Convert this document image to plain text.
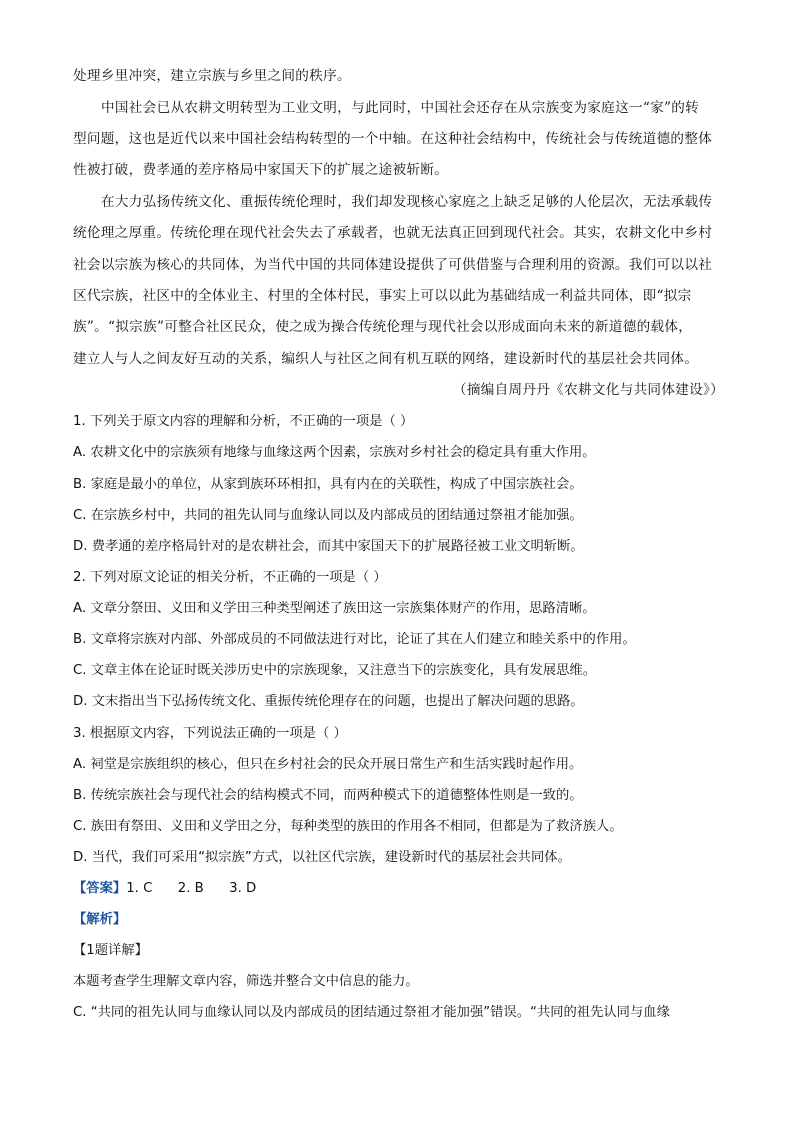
处理乡里冲突，建立宗族与乡里之间的秩序。
中国社会已从农耕文明转型为工业文明，与此同时，中国社会还存在从宗族变为家庭这一“家”的转
型问题，这也是近代以来中国社会结构转型的一个中轴。在这种社会结构中，传统社会与传统道德的整体
性被打破，费孝通的差序格局中家国天下的扩展之途被斩断。
在大力弘扬传统文化、重振传统伦理时，我们却发现核心家庭之上缺乏足够的人伦层次，无法承载传
统伦理之厚重。传统伦理在现代社会失去了承载者，也就无法真正回到现代社会。其实，农耕文化中乡村
社会以宗族为核心的共同体，为当代中国的共同体建设提供了可供借鉴与合理利用的资源。我们可以以社
区代宗族，社区中的全体业主、村里的全体村民，事实上可以以此为基础结成一利益共同体，即“拟宗
族”。“拟宗族”可整合社区民众，使之成为操合传统伦理与现代社会以形成面向未来的新道德的载体，
建立人与人之间友好互动的关系，编织人与社区之间有机互联的网络，建设新时代的基层社会共同体。
（摘编自周丹丹《农耕文化与共同体建设》）
1. 下列关于原文内容的理解和分析，不正确的一项是（ ）
A. 农耕文化中的宗族须有地缘与血缘这两个因素，宗族对乡村社会的稳定具有重大作用。
B. 家庭是最小的单位，从家到族环环相扣，具有内在的关联性，构成了中国宗族社会。
C. 在宗族乡村中，共同的祖先认同与血缘认同以及内部成员的团结通过祭祖才能加强。
D. 费孝通的差序格局针对的是农耕社会，而其中家国天下的扩展路径被工业文明斩断。
2. 下列对原文论证的相关分析，不正确的一项是（ ）
A. 文章分祭田、义田和义学田三种类型阐述了族田这一宗族集体财产的作用，思路清晰。
B. 文章将宗族对内部、外部成员的不同做法进行对比，论证了其在人们建立和睦关系中的作用。
C. 文章主体在论证时既关涉历史中的宗族现象，又注意当下的宗族变化，具有发展思维。
D. 文末指出当下弘扬传统文化、重振传统伦理存在的问题，也提出了解决问题的思路。
3. 根据原文内容，下列说法正确的一项是（ ）
A. 祠堂是宗族组织的核心，但只在乡村社会的民众开展日常生产和生活实践时起作用。
B. 传统宗族社会与现代社会的结构模式不同，而两种模式下的道德整体性则是一致的。
C. 族田有祭田、义田和义学田之分，每种类型的族田的作用各不相同，但都是为了救济族人。
D. 当代，我们可采用“拟宗族”方式，以社区代宗族，建设新时代的基层社会共同体。
【答案】1. C      2. B      3. D
【解析】
【1题详解】
本题考查学生理解文章内容，筛选并整合文中信息的能力。
C. “共同的祖先认同与血缘认同以及内部成员的团结通过祭祖才能加强”错误。“共同的祖先认同与血缘
